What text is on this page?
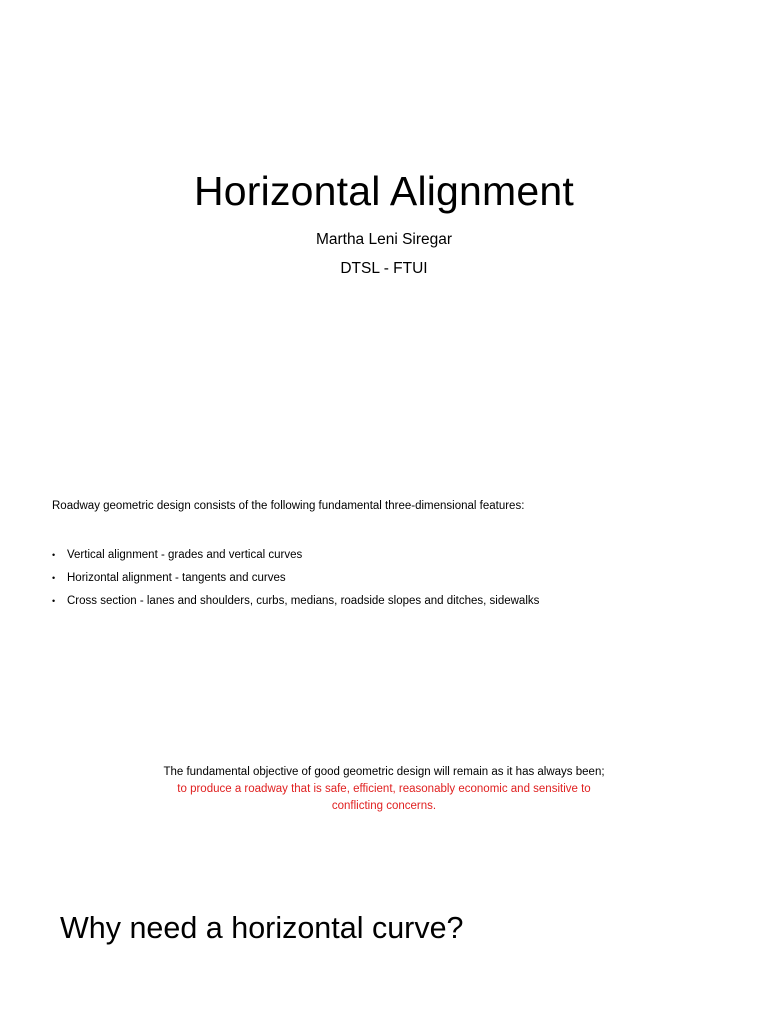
Horizontal Alignment
Martha Leni Siregar
DTSL - FTUI
Roadway geometric design consists of the following fundamental three-dimensional features:
• Vertical alignment - grades and vertical curves
• Horizontal alignment - tangents and curves
• Cross section - lanes and shoulders, curbs, medians, roadside slopes and ditches, sidewalks
The fundamental objective of good geometric design will remain as it has always been;
to produce a roadway that is safe, efficient, reasonably economic and sensitive to
conflicting concerns.
Why need a horizontal curve?
